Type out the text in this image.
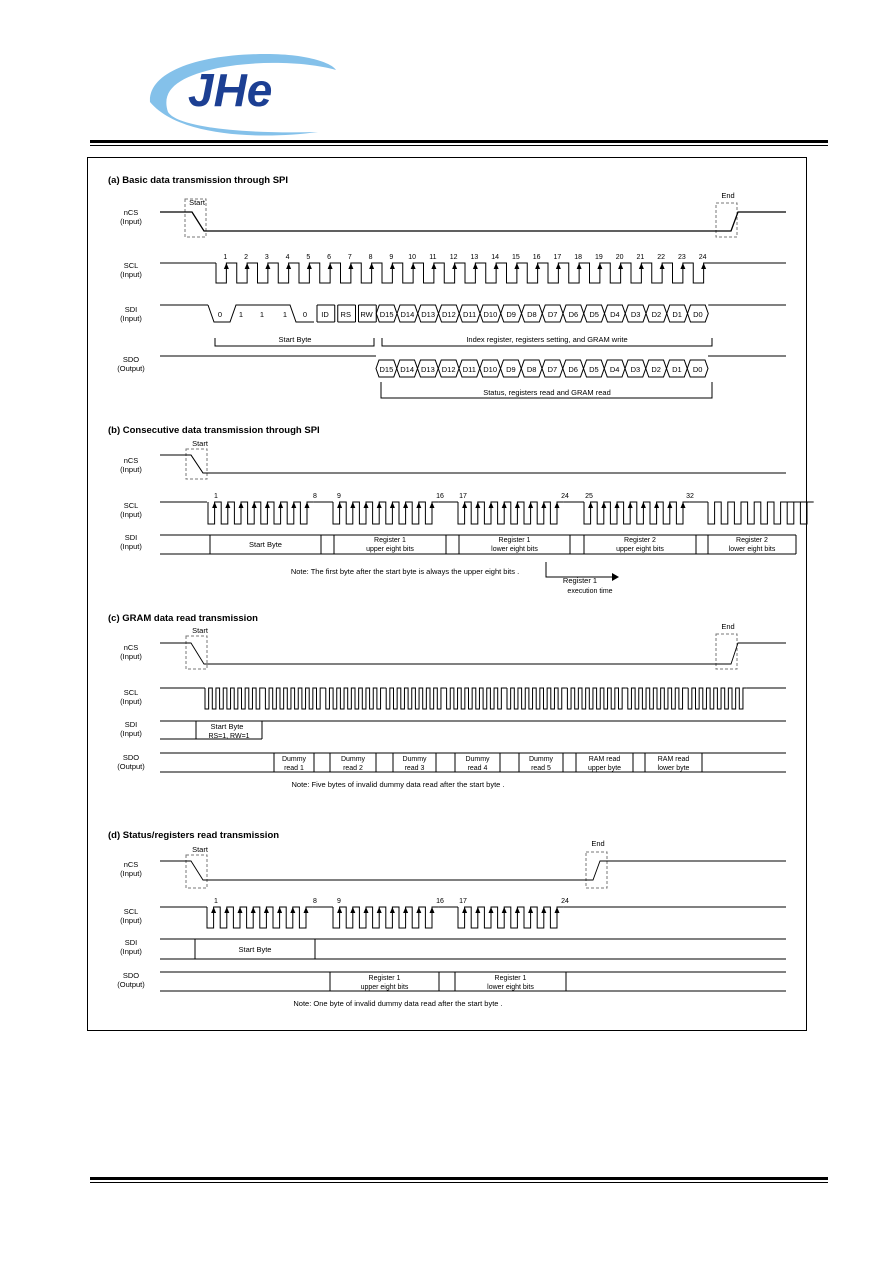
JHe
(a) Basic data transmission through SPI
nCS
(Input)
Start
End
SCL
(Input)
1 2 3 4 5 6 7 8 9 10 11 12 13 14 15 16 17 18 19 20 21 22 23 24
SDI
(Input)	0 1 1	1 0 ID RS RW D15 D14 D13 D12 D11 D10 D9 D8 D7 D6 D5 D4 D3 D2 D1 D0
Start Byte	Index register, registers setting, and GRAM write
SDO
(Output)	D15 D14 D13 D12 D11 D10 D9 D8 D7 D6 D5 D4 D3 D2 D1 D0
Status, registers read and GRAM read
(b) Consecutive data transmission through SPI
Start
nCS
(Input)
SCL
(Input)
1	8	9	16 17	24 25	32
SDI
(Input)	Start Byte	Register 1
upper eight bits
Register 1
lower eight bits
Register 2
upper eight bits
Register 2
lower eight bits
Note: The first byte after the start byte is always the upper eight bits .
Register 1
execution time
(c) GRAM data read transmission
Start	End
nCS
(Input)
SCL
(Input)
SDI
(Input)
Start Byte
RS=1, RW=1
SDO
(Output)
Dummy
read 1
Dummy
read 2
Dummy
read 3
Dummy
read 4
Dummy
read 5
RAM read
upper byte
RAM read
lower byte
Note: Five bytes of invalid dummy data read after the start byte .
(d) Status/registers read transmission
Start
End
nCS
(Input)
SCL
(Input)
1	8	9	16 17	24
SDI
(Input)	Start Byte
SDO
(Output)
Register 1
upper eight bits
Register 1
lower eight bits
Note: One byte of invalid dummy data read after the start byte .
